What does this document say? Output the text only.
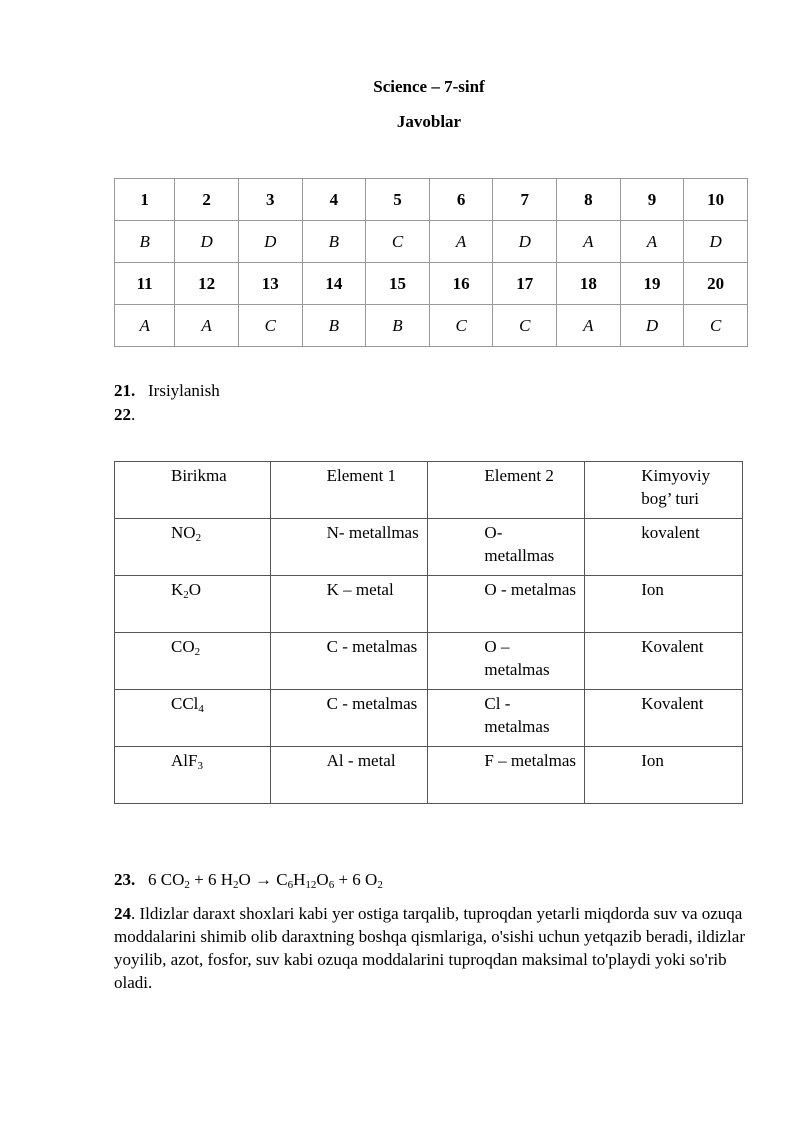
Science – 7-sinf
Javoblar
1	2	3	4	5	6	7	8	9	10
B	D	D	B	C	A	D	A	A	D
11	12	13	14	15	16	17	18	19	20
A	A	C	B	B	C	C	A	D	C
21. Irsiylanish
22.
Birikma	Element 1	Element 2	Kimyoviy bog’ turi
$NO_2$	N- metallmas	O- metallmas	kovalent
$K_2O$	K – metal	O - metalmas	Ion
$CO_2$	C - metalmas	O – metalmas	Kovalent
CCl$_4$	C - metalmas	Cl - metalmas	Kovalent
AlF$_3$	Al - metal	F – metalmas	Ion
23. 6 $CO_2 + 6$ $H_2O \to C_6H_{12}O_6 + 6$ $O_2$
24. Ildizlar daraxt shoxlari kabi yer ostiga tarqalib, tuproqdan yetarli miqdorda suv va ozuqa moddalarini shimib olib daraxtning boshqa qismlariga, o'sishi uchun yetqazib beradi, ildizlar yoyilib, azot, fosfor, suv kabi ozuqa moddalarini tuproqdan maksimal to'playdi yoki so'rib oladi.
